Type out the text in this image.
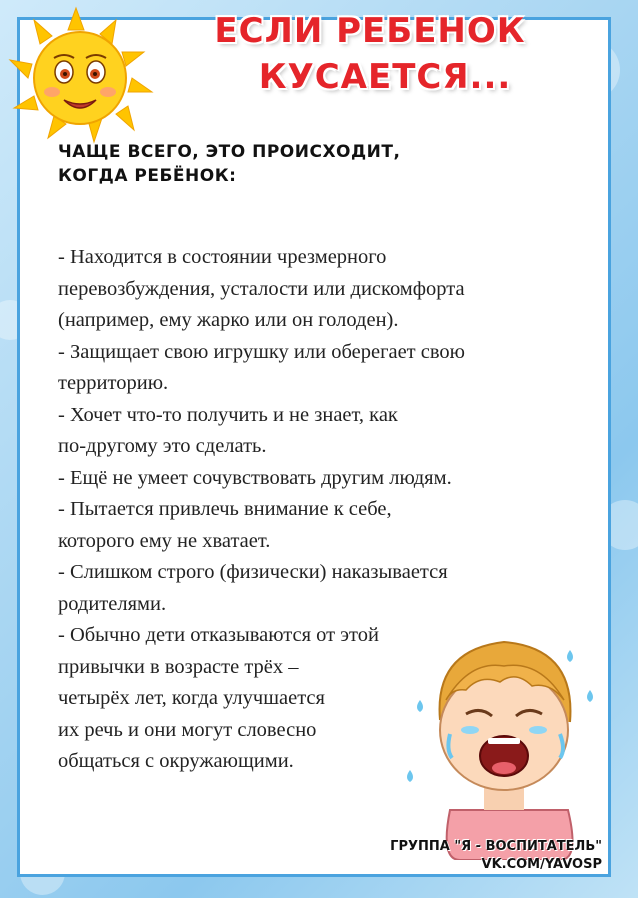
ЕСЛИ РЕБЕНОК
КУСАЕТСЯ...
ЧАЩЕ ВСЕГО, ЭТО ПРОИСХОДИТ,
КОГДА РЕБЁНОК:

- Находится в состоянии чрезмерного

перевозбуждения, усталости или дискомфорта

(например, ему жарко или он голоден).

- Защищает свою игрушку или оберегает свою

территорию.

- Хочет что-то получить и не знает, как

по-другому это сделать.

- Ещё не умеет сочувствовать другим людям.

- Пытается привлечь внимание к себе,

которого ему не хватает.

- Слишком строго (физически) наказывается

родителями.

- Обычно дети отказываются от этой

привычки в возрасте трёх –

четырёх лет, когда улучшается

их речь и они могут словесно

общаться с окружающими.

ГРУППА "Я - ВОСПИТАТЕЛЬ"
VK.COM/YAVOSP
